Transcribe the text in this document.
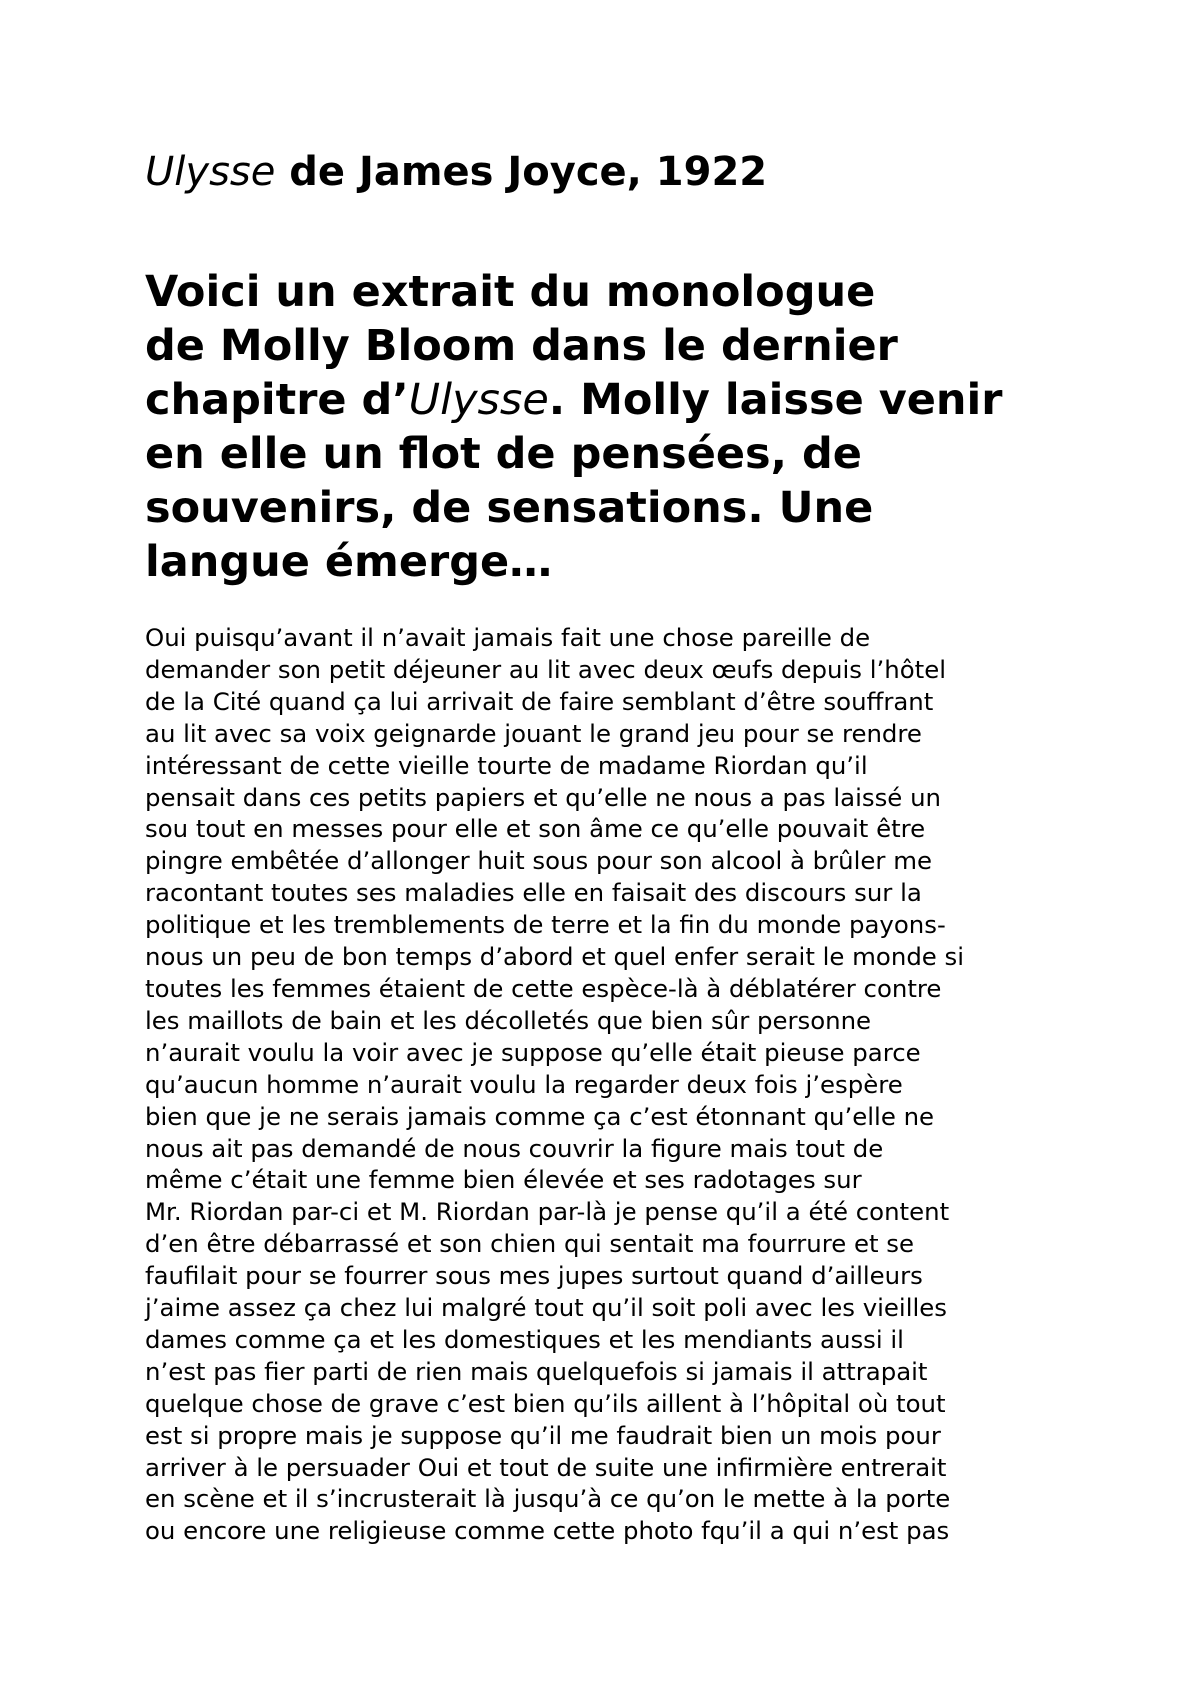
Ulysse de James Joyce, 1922
Voici un extrait du monologue
de Molly Bloom dans le dernier
chapitre d’Ulysse. Molly laisse venir
en elle un flot de pensées, de
souvenirs, de sensations. Une
langue émerge…

Oui puisqu’avant il n’avait jamais fait une chose pareille de
demander son petit déjeuner au lit avec deux œufs depuis l’hôtel
de la Cité quand ça lui arrivait de faire semblant d’être souffrant
au lit avec sa voix geignarde jouant le grand jeu pour se rendre
intéressant de cette vieille tourte de madame Riordan qu’il
pensait dans ces petits papiers et qu’elle ne nous a pas laissé un
sou tout en messes pour elle et son âme ce qu’elle pouvait être
pingre embêtée d’allonger huit sous pour son alcool à brûler me
racontant toutes ses maladies elle en faisait des discours sur la
politique et les tremblements de terre et la fin du monde payons-
nous un peu de bon temps d’abord et quel enfer serait le monde si
toutes les femmes étaient de cette espèce-là à déblatérer contre
les maillots de bain et les décolletés que bien sûr personne
n’aurait voulu la voir avec je suppose qu’elle était pieuse parce
qu’aucun homme n’aurait voulu la regarder deux fois j’espère
bien que je ne serais jamais comme ça c’est étonnant qu’elle ne
nous ait pas demandé de nous couvrir la figure mais tout de
même c’était une femme bien élevée et ses radotages sur
Mr. Riordan par-ci et M. Riordan par-là je pense qu’il a été content
d’en être débarrassé et son chien qui sentait ma fourrure et se
faufilait pour se fourrer sous mes jupes surtout quand d’ailleurs
j’aime assez ça chez lui malgré tout qu’il soit poli avec les vieilles
dames comme ça et les domestiques et les mendiants aussi il
n’est pas fier parti de rien mais quelquefois si jamais il attrapait
quelque chose de grave c’est bien qu’ils aillent à l’hôpital où tout
est si propre mais je suppose qu’il me faudrait bien un mois pour
arriver à le persuader Oui et tout de suite une infirmière entrerait
en scène et il s’incrusterait là jusqu’à ce qu’on le mette à la porte
ou encore une religieuse comme cette photo fqu’il a qui n’est pas
